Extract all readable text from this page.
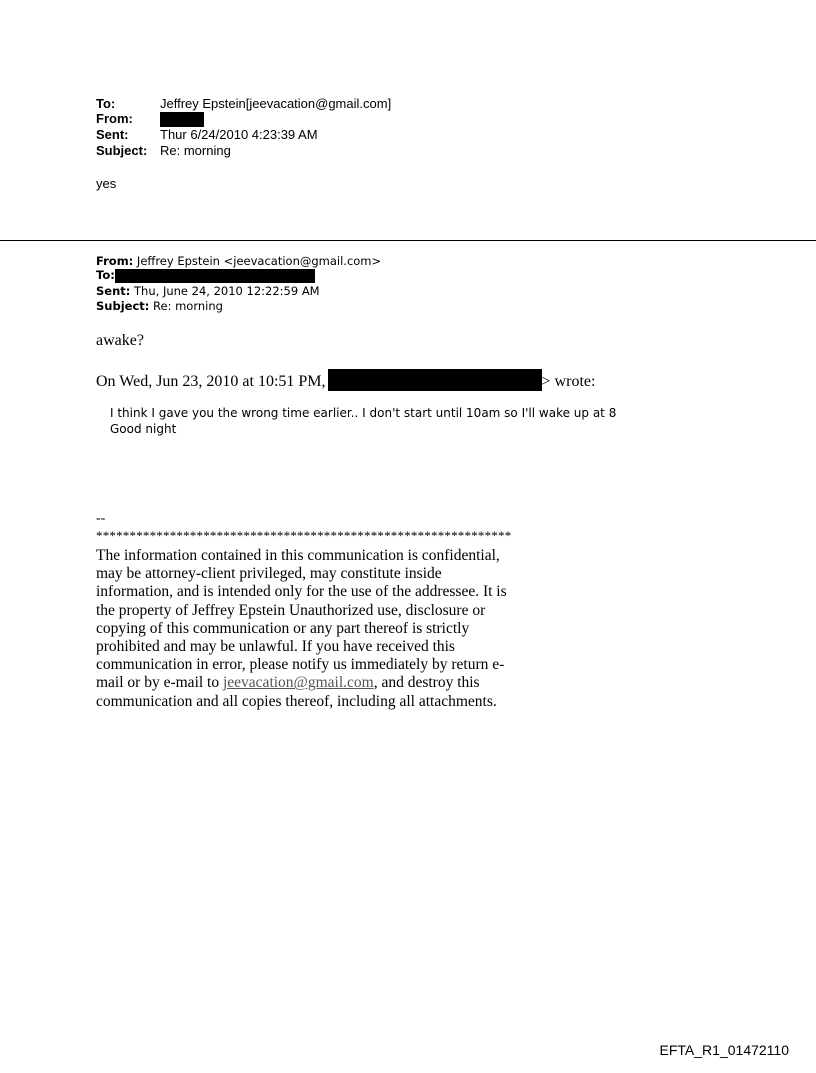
To:	Jeffrey Epstein[jeevacation@gmail.com]
From:
Sent: Thur 6/24/2010 4:23:39 AM
Subject: Re: morning
yes
From: Jeffrey Epstein <jeevacation@gmail.com>
To:
Sent: Thu, June 24, 2010 12:22:59 AM
Subject: Re: morning
awake?
On Wed, Jun 23, 2010 at 10:51 PM,	> wrote:
I think I gave you the wrong time earlier.. I don't start until 10am so I'll wake up at 8
Good night
--
**************************************************************
The information contained in this communication is confidential, may be attorney-client privileged, may constitute inside information, and is intended only for the use of the addressee. It is the property of Jeffrey Epstein Unauthorized use, disclosure or copying of this communication or any part thereof is strictly prohibited and may be unlawful. If you have received this communication in error, please notify us immediately by return e-mail or by e-mail to jeevacation@gmail.com, and destroy this communication and all copies thereof, including all attachments.
EFTA_R1_01472110
